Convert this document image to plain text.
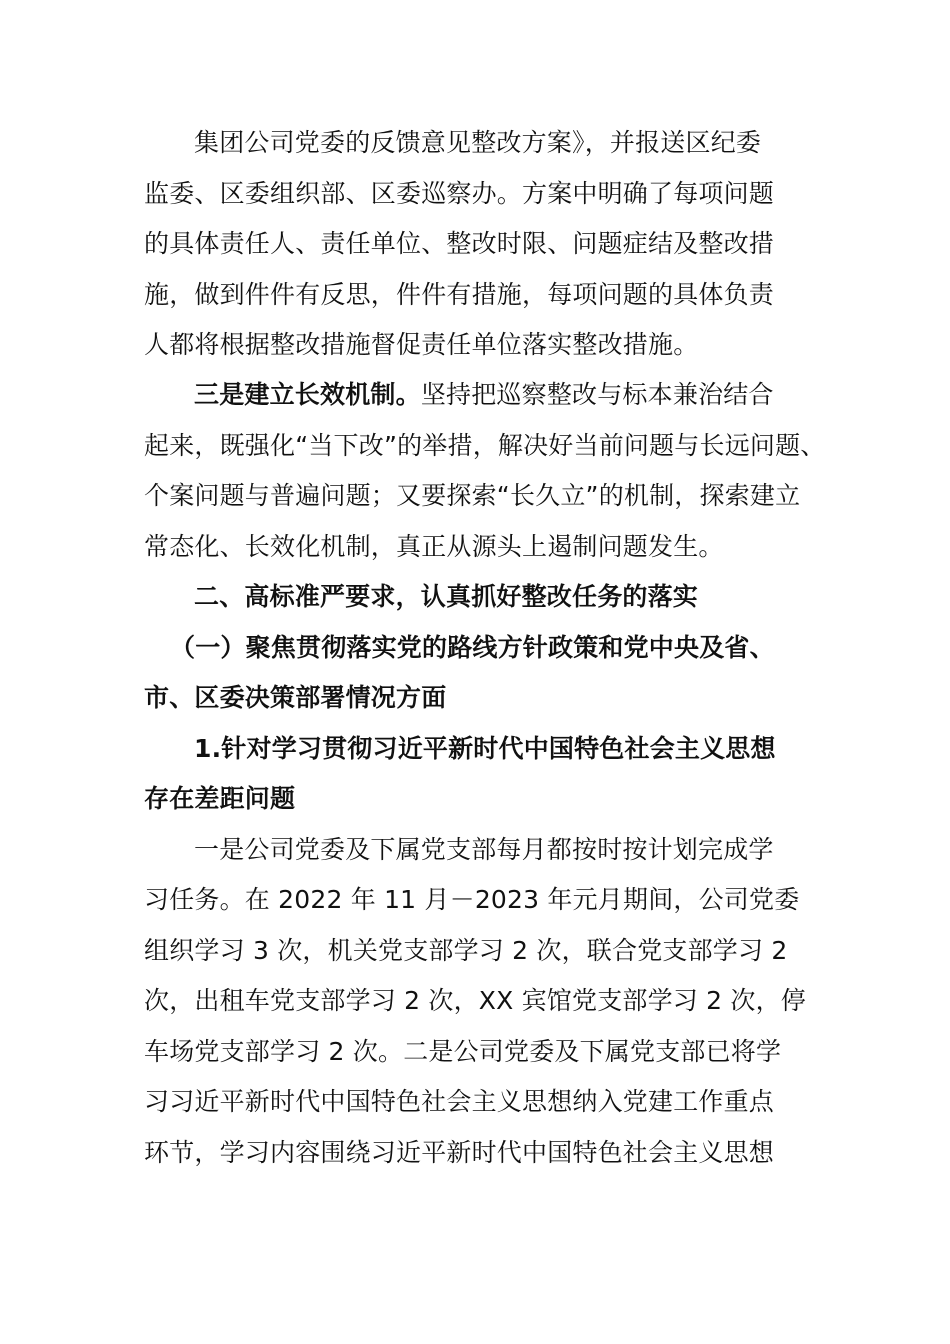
集团公司党委的反馈意见整改方案》，并报送区纪委
监委、区委组织部、区委巡察办。方案中明确了每项问题
的具体责任人、责任单位、整改时限、问题症结及整改措
施，做到件件有反思，件件有措施，每项问题的具体负责
人都将根据整改措施督促责任单位落实整改措施。
三是建立长效机制。坚持把巡察整改与标本兼治结合
起来，既强化“当下改”的举措，解决好当前问题与长远问题、
个案问题与普遍问题；又要探索“长久立”的机制，探索建立
常态化、长效化机制，真正从源头上遏制问题发生。
二、高标准严要求，认真抓好整改任务的落实
（一）聚焦贯彻落实党的路线方针政策和党中央及省、
市、区委决策部署情况方面
1.针对学习贯彻习近平新时代中国特色社会主义思想
存在差距问题
一是公司党委及下属党支部每月都按时按计划完成学
习任务。在 2022 年 11 月－2023 年元月期间，公司党委
组织学习 3 次，机关党支部学习 2 次，联合党支部学习 2
次，出租车党支部学习 2 次，XX 宾馆党支部学习 2 次，停
车场党支部学习 2 次。二是公司党委及下属党支部已将学
习习近平新时代中国特色社会主义思想纳入党建工作重点
环节，学习内容围绕习近平新时代中国特色社会主义思想
